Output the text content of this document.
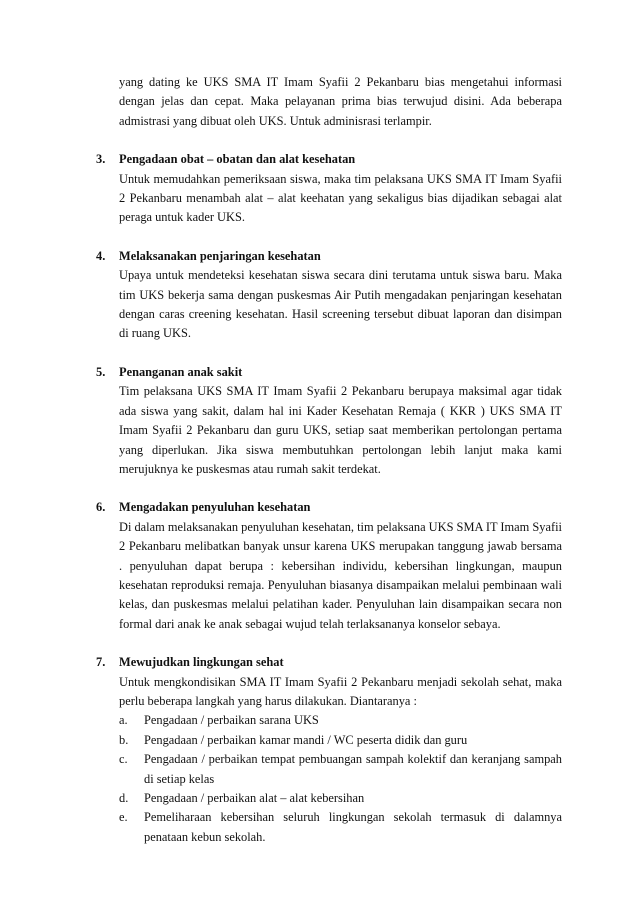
yang dating ke UKS SMA IT Imam Syafii 2 Pekanbaru bias mengetahui informasi dengan jelas dan cepat. Maka pelayanan prima bias terwujud disini. Ada beberapa admistrasi yang dibuat oleh UKS. Untuk adminisrasi terlampir.

3.	Pengadaan obat – obatan dan alat kesehatan
Untuk memudahkan pemeriksaan siswa, maka tim pelaksana UKS SMA IT Imam Syafii 2 Pekanbaru menambah alat – alat keehatan yang sekaligus bias dijadikan sebagai alat peraga untuk kader UKS.
4.	Melaksanakan penjaringan kesehatan
Upaya untuk mendeteksi kesehatan siswa secara dini terutama untuk siswa baru. Maka tim UKS bekerja sama dengan puskesmas Air Putih mengadakan penjaringan kesehatan dengan caras creening kesehatan. Hasil screening tersebut dibuat laporan dan disimpan di ruang UKS.
5.	Penanganan anak sakit
Tim pelaksana UKS SMA IT Imam Syafii 2 Pekanbaru berupaya maksimal agar tidak ada siswa yang sakit, dalam hal ini Kader Kesehatan Remaja ( KKR ) UKS SMA IT Imam Syafii 2 Pekanbaru dan guru UKS, setiap saat memberikan pertolongan pertama yang diperlukan. Jika siswa membutuhkan pertolongan lebih lanjut maka kami merujuknya ke puskesmas atau rumah sakit terdekat.
6.	Mengadakan penyuluhan kesehatan
Di dalam melaksanakan penyuluhan kesehatan, tim pelaksana UKS SMA IT Imam Syafii 2 Pekanbaru melibatkan banyak unsur karena UKS merupakan tanggung jawab bersama . penyuluhan dapat berupa : kebersihan individu, kebersihan lingkungan, maupun kesehatan reproduksi remaja. Penyuluhan biasanya disampaikan melalui pembinaan wali kelas, dan puskesmas melalui pelatihan kader. Penyuluhan lain disampaikan secara non formal dari anak ke anak sebagai wujud telah terlaksananya konselor sebaya.
7.	Mewujudkan lingkungan sehat
Untuk mengkondisikan SMA IT Imam Syafii 2 Pekanbaru menjadi sekolah sehat, maka perlu beberapa langkah yang harus dilakukan. Diantaranya :
a.	Pengadaan / perbaikan sarana UKS
b.	Pengadaan / perbaikan kamar mandi / WC peserta didik dan guru
c.	Pengadaan / perbaikan tempat pembuangan sampah kolektif dan keranjang sampah di setiap kelas
d.	Pengadaan / perbaikan alat – alat kebersihan
e.	Pemeliharaan kebersihan seluruh lingkungan sekolah termasuk di dalamnya penataan kebun sekolah.
